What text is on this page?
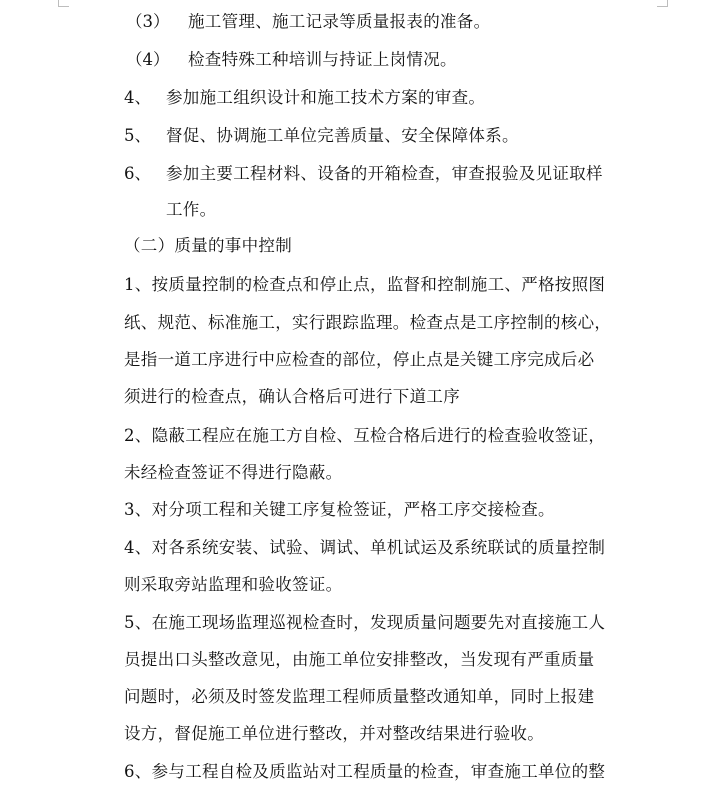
（3） 施工管理、施工记录等质量报表的准备。
（4） 检查特殊工种培训与持证上岗情况。
4、 参加施工组织设计和施工技术方案的审查。
5、 督促、协调施工单位完善质量、安全保障体系。
6、 参加主要工程材料、设备的开箱检查，审查报验及见证取样
工作。
（二）质量的事中控制
1、按质量控制的检查点和停止点，监督和控制施工、严格按照图
纸、规范、标准施工，实行跟踪监理。检查点是工序控制的核心，
是指一道工序进行中应检查的部位，停止点是关键工序完成后必
须进行的检查点，确认合格后可进行下道工序
2、隐蔽工程应在施工方自检、互检合格后进行的检查验收签证，
未经检查签证不得进行隐蔽。
3、对分项工程和关键工序复检签证，严格工序交接检查。
4、对各系统安装、试验、调试、单机试运及系统联试的质量控制
则采取旁站监理和验收签证。
5、在施工现场监理巡视检查时，发现质量问题要先对直接施工人
员提出口头整改意见，由施工单位安排整改，当发现有严重质量
问题时，必须及时签发监理工程师质量整改通知单，同时上报建
设方，督促施工单位进行整改，并对整改结果进行验收。
6、参与工程自检及质监站对工程质量的检查，审查施工单位的整
